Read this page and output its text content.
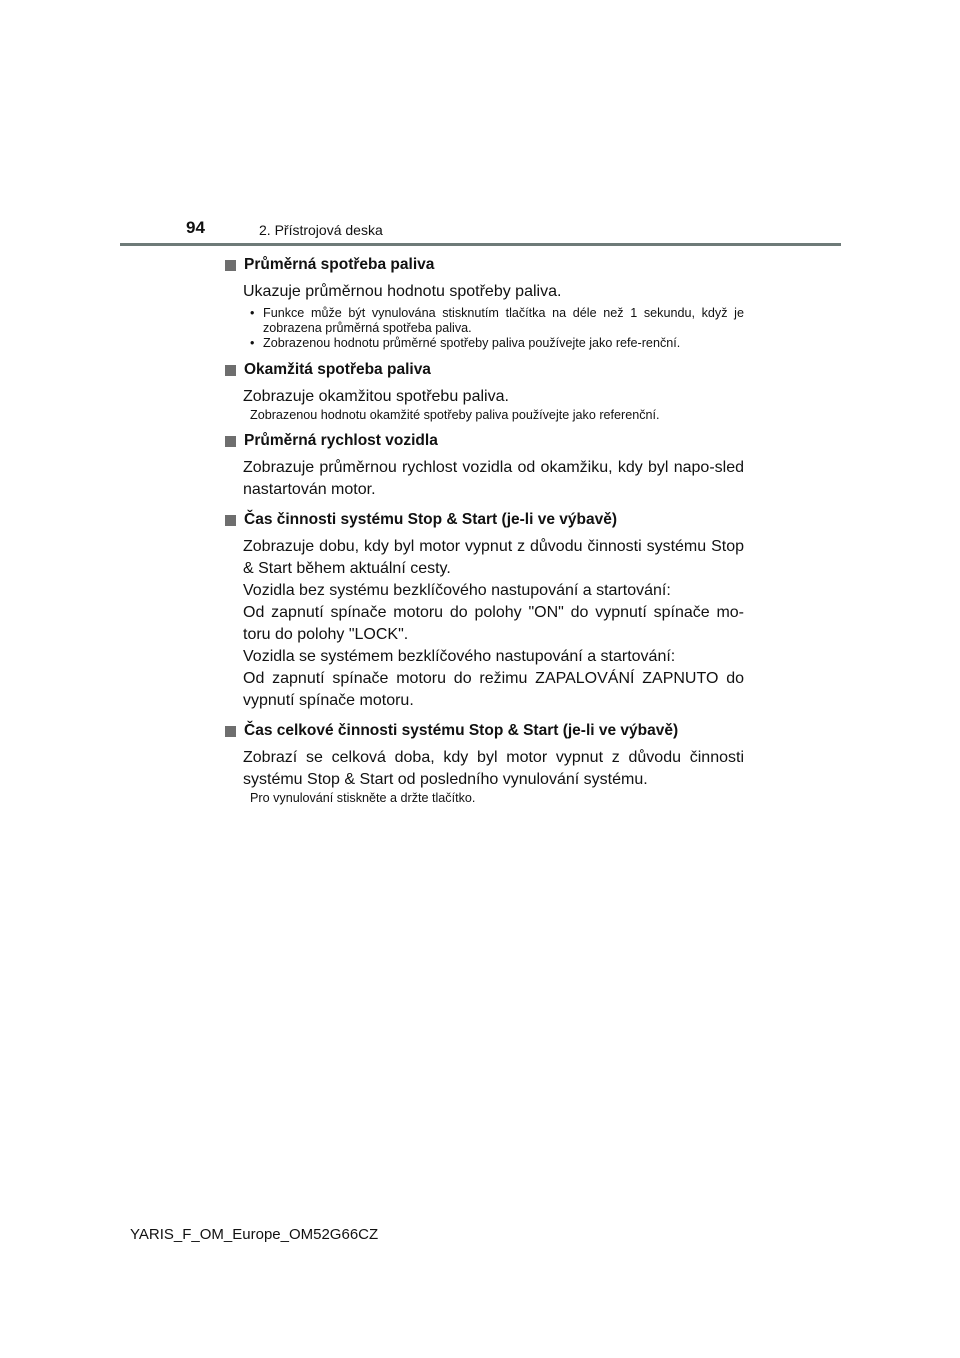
94	2. Přístrojová deska
Průměrná spotřeba paliva

Ukazuje průměrnou hodnotu spotřeby paliva.

• Funkce může být vynulována stisknutím tlačítka na déle než 1 sekundu, když je zobrazena průměrná spotřeba paliva.
• Zobrazenou hodnotu průměrné spotřeby paliva používejte jako refe-renční.
Okamžitá spotřeba paliva

Zobrazuje okamžitou spotřebu paliva.

Zobrazenou hodnotu okamžité spotřeby paliva používejte jako referenční.

Průměrná rychlost vozidla

Zobrazuje průměrnou rychlost vozidla od okamžiku, kdy byl napo-sled nastartován motor.

Čas činnosti systému Stop & Start (je-li ve výbavě)

Zobrazuje dobu, kdy byl motor vypnut z důvodu činnosti systému Stop & Start během aktuální cesty.

Vozidla bez systému bezklíčového nastupování a startování:

Od zapnutí spínače motoru do polohy "ON" do vypnutí spínače mo-toru do polohy "LOCK".

Vozidla se systémem bezklíčového nastupování a startování:

Od zapnutí spínače motoru do režimu ZAPALOVÁNÍ ZAPNUTO do vypnutí spínače motoru.

Čas celkové činnosti systému Stop & Start (je-li ve výbavě)

Zobrazí se celková doba, kdy byl motor vypnut z důvodu činnosti systému Stop & Start od posledního vynulování systému.

Pro vynulování stiskněte a držte tlačítko.

YARIS_F_OM_Europe_OM52G66CZ
